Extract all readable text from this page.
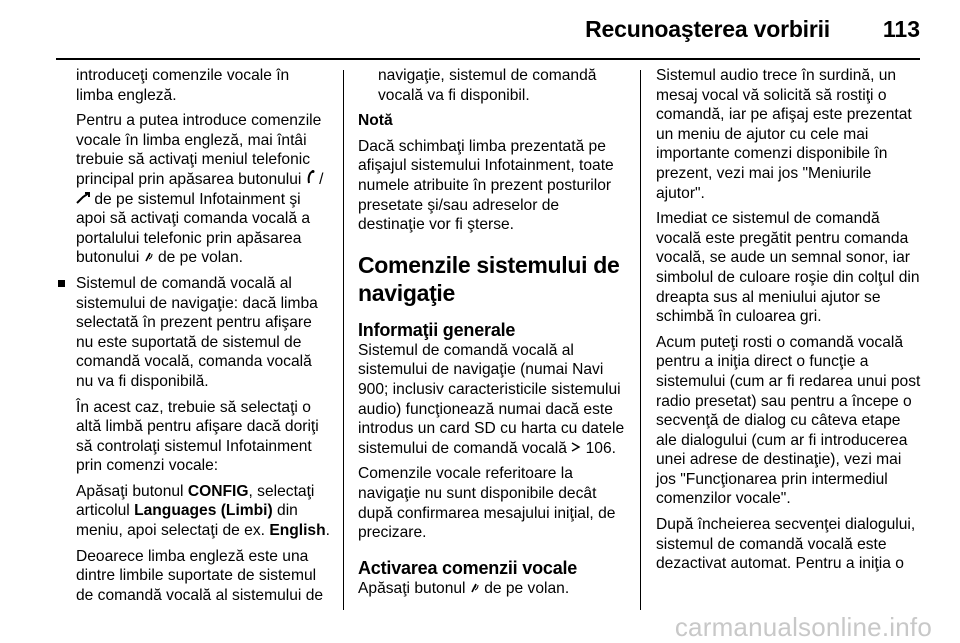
Recunoaşterea vorbirii 113

introduceţi comenzile vocale în limba engleză.

Pentru a putea introduce comenzile vocale în limba engleză, mai întâi trebuie să activaţi meniul telefonic principal prin apăsarea butonului /  de pe sistemul Infotainment şi apoi să activaţi comanda vocală a portalului telefonic prin apăsarea butonului de pe volan.

Sistemul de comandă vocală al sistemului de navigaţie: dacă limba selectată în prezent pentru afişare nu este suportată de sistemul de comandă vocală, comanda vocală nu va fi disponibilă.

În acest caz, trebuie să selectaţi o altă limbă pentru afişare dacă doriţi să controlaţi sistemul Infotainment prin comenzi vocale:

Apăsaţi butonul CONFIG, selectaţi articolul Languages (Limbi) din meniu, apoi selectaţi de ex. English.

Deoarece limba engleză este una dintre limbile suportate de sistemul de comandă vocală al sistemului de

navigaţie, sistemul de comandă vocală va fi disponibil.

Notă

Dacă schimbaţi limba prezentată pe afişajul sistemului Infotainment, toate numele atribuite în prezent posturilor presetate şi/sau adreselor de destinaţie vor fi şterse.

Comenzile sistemului de navigaţie
Informaţii generale

Sistemul de comandă vocală al sistemului de navigaţie (numai Navi 900; inclusiv caracteristicile sistemului audio) funcţionează numai dacă este introdus un card SD cu harta cu datele sistemului de comandă vocală 106.

Comenzile vocale referitoare la navigaţie nu sunt disponibile decât după confirmarea mesajului iniţial, de precizare.

Activarea comenzii vocale

Apăsaţi butonul de pe volan.

Sistemul audio trece în surdină, un mesaj vocal vă solicită să rostiţi o comandă, iar pe afişaj este prezentat un meniu de ajutor cu cele mai importante comenzi disponibile în prezent, vezi mai jos "Meniurile ajutor".

Imediat ce sistemul de comandă vocală este pregătit pentru comanda vocală, se aude un semnal sonor, iar simbolul de culoare roşie din colţul din dreapta sus al meniului ajutor se schimbă în culoarea gri.

Acum puteţi rosti o comandă vocală pentru a iniţia direct o funcţie a sistemului (cum ar fi redarea unui post radio presetat) sau pentru a începe o secvenţă de dialog cu câteva etape ale dialogului (cum ar fi introducerea unei adrese de destinaţie), vezi mai jos "Funcţionarea prin intermediul comenzilor vocale".

După încheierea secvenţei dialogului, sistemul de comandă vocală este dezactivat automat. Pentru a iniţia o

carmanualsonline.info
